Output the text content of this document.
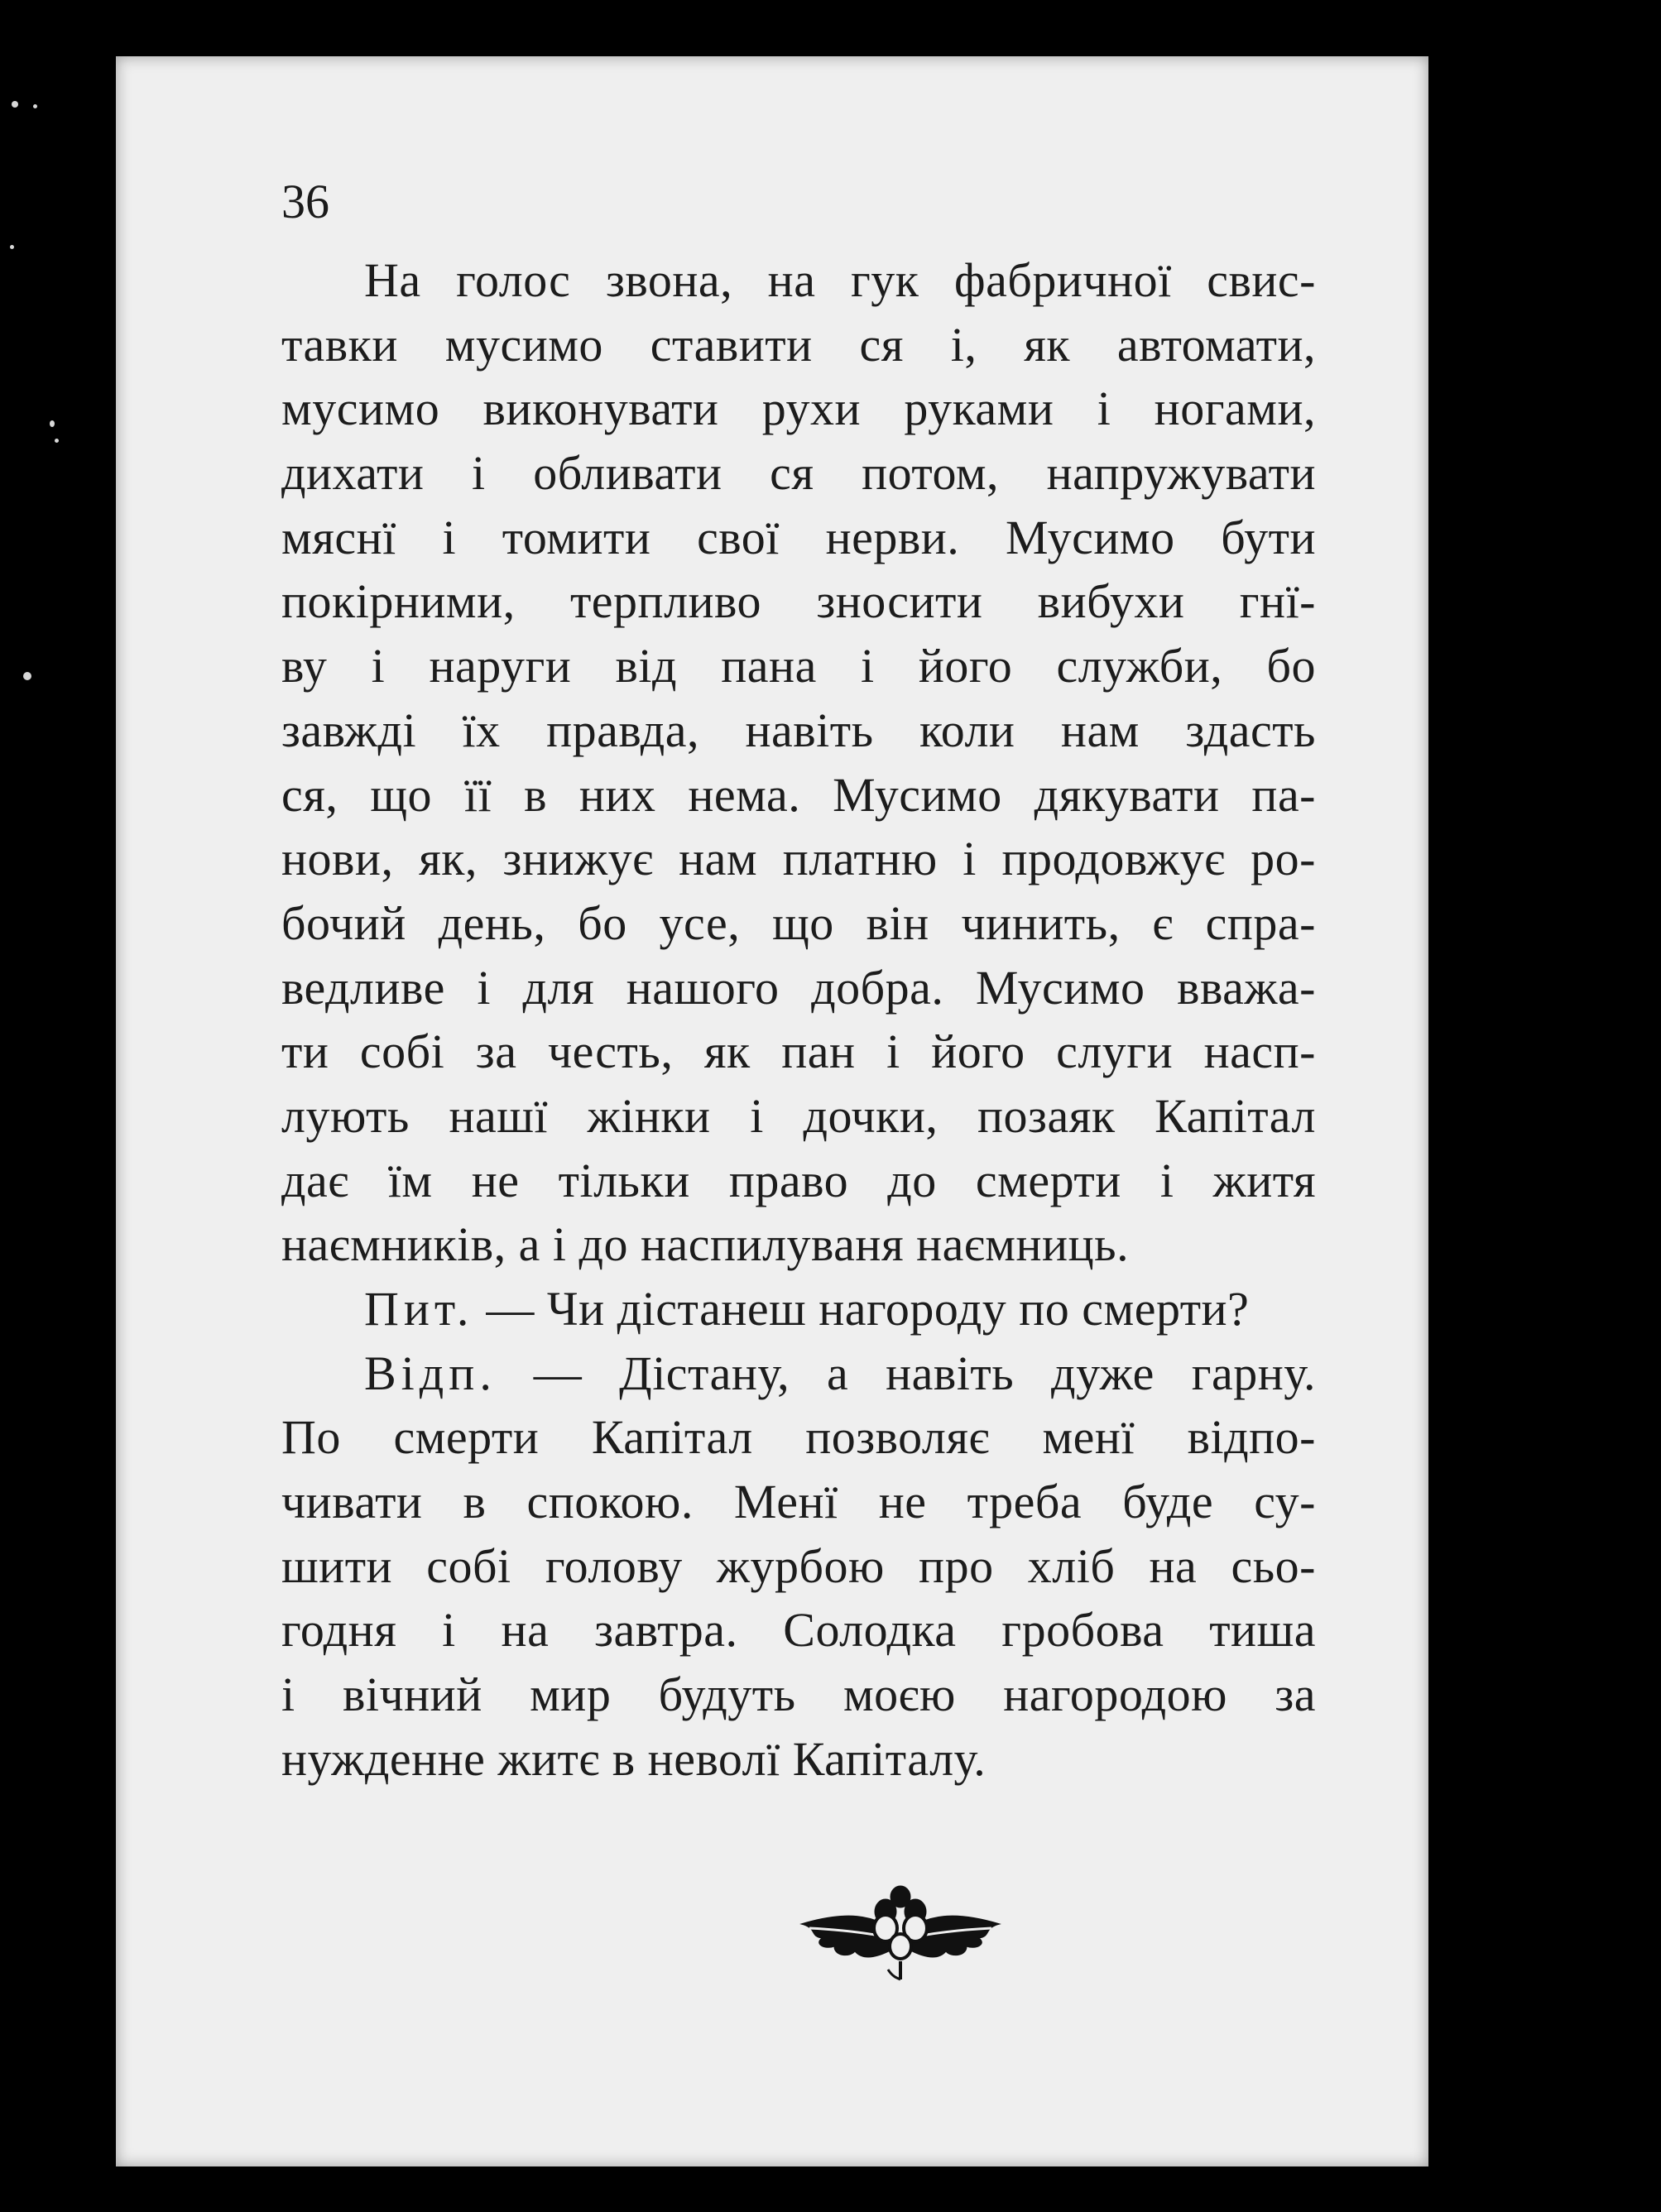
36
На голос звона, на гук фабричної свис-
тавки мусимо ставити ся і, як автомати,
мусимо виконувати рухи руками і ногами,
дихати і обливати ся потом, напружувати
мяснї і томити свої нерви. Мусимо бути
покірними, терпливо зносити вибухи гнї-
ву і наруги від пана і його служби, бо
завжді їх правда, навіть коли нам здасть
ся, що її в них нема. Мусимо дякувати па-
нови, як, знижує нам платню і продовжує ро-
бочий день, бо усе, що він чинить, є спра-
ведливе і для нашого добра. Мусимо вважа-
ти собі за честь, як пан і його слуги насп-
лують нашї жінки і дочки, позаяк Капітал
дає їм не тільки право до смерти і житя
наємників, а і до наспилуваня наємниць.
Пит. — Чи дістанеш нагороду по смерти?
Відп. — Дістану, а навіть дуже гарну.
По смерти Капітал позволяє менї відпо-
чивати в спокою. Менї не треба буде су-
шити собі голову журбою про хліб на сьо-
годня і на завтра. Солодка гробова тиша
і вічний мир будуть моєю нагородою за
нужденне житє в неволї Капіталу.
